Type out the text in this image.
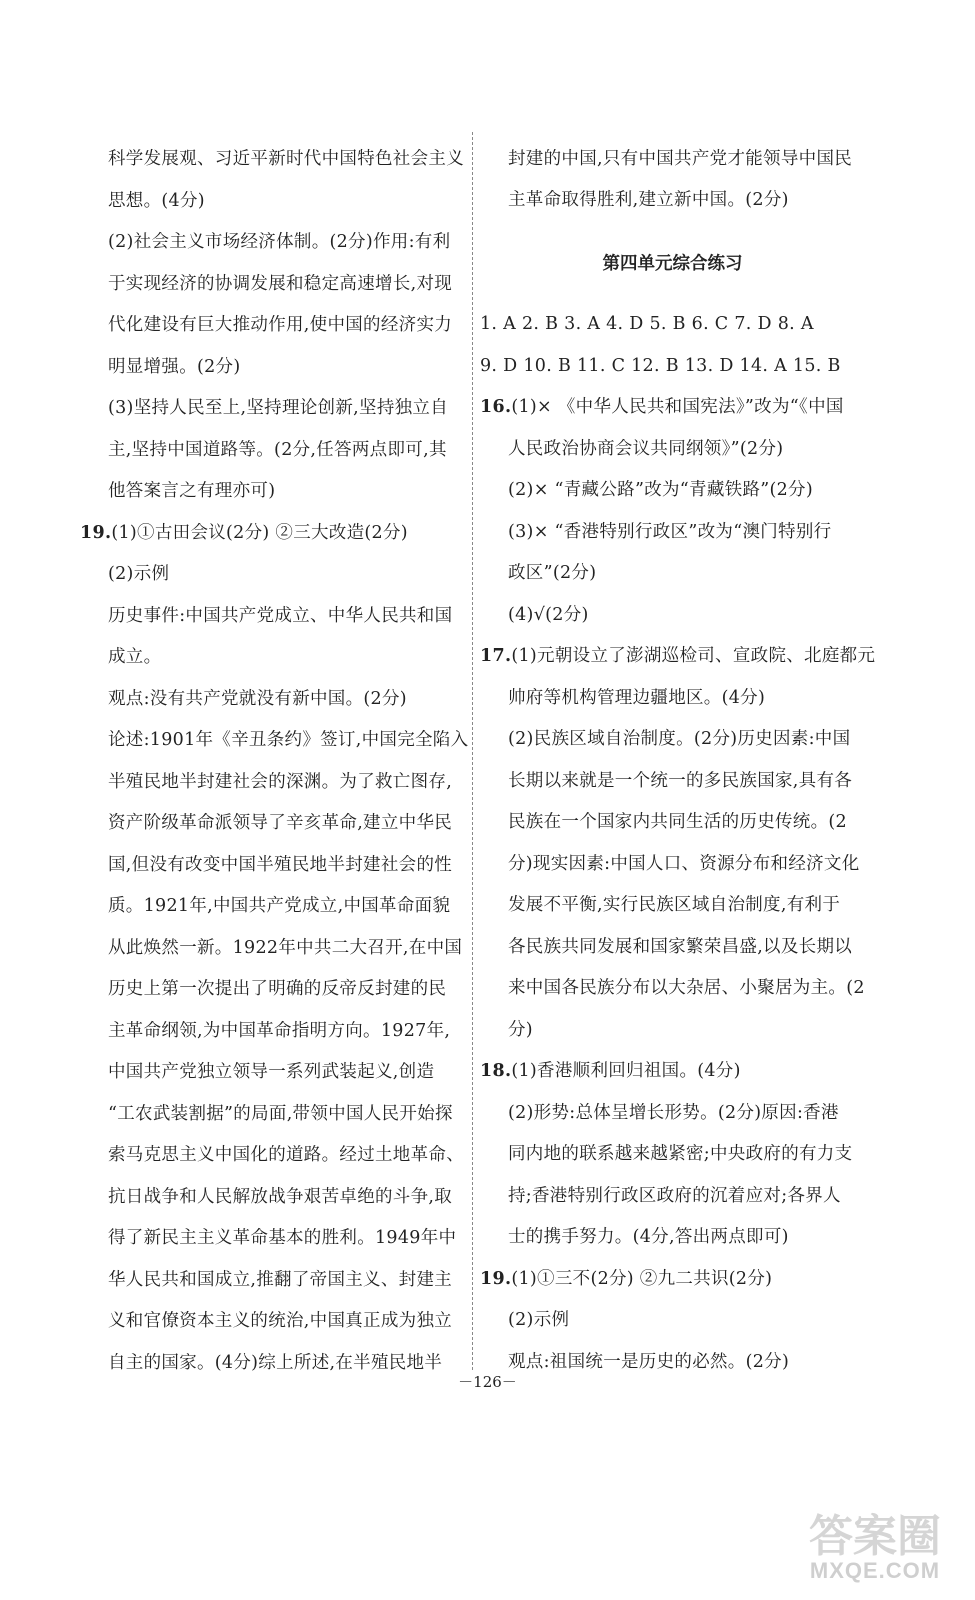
科学发展观、习近平新时代中国特色社会主义
思想。(4分)
(2)社会主义市场经济体制。(2分)作用:有利
于实现经济的协调发展和稳定高速增长,对现
代化建设有巨大推动作用,使中国的经济实力
明显增强。(2分)
(3)坚持人民至上,坚持理论创新,坚持独立自
主,坚持中国道路等。(2分,任答两点即可,其
他答案言之有理亦可)
19.(1)①古田会议(2分) ②三大改造(2分)
(2)示例
历史事件:中国共产党成立、中华人民共和国
成立。
观点:没有共产党就没有新中国。(2分)
论述:1901年《辛丑条约》签订,中国完全陷入
半殖民地半封建社会的深渊。为了救亡图存,
资产阶级革命派领导了辛亥革命,建立中华民
国,但没有改变中国半殖民地半封建社会的性
质。1921年,中国共产党成立,中国革命面貌
从此焕然一新。1922年中共二大召开,在中国
历史上第一次提出了明确的反帝反封建的民
主革命纲领,为中国革命指明方向。1927年,
中国共产党独立领导一系列武装起义,创造
“工农武装割据”的局面,带领中国人民开始探
索马克思主义中国化的道路。经过土地革命、
抗日战争和人民解放战争艰苦卓绝的斗争,取
得了新民主主义革命基本的胜利。1949年中
华人民共和国成立,推翻了帝国主义、封建主
义和官僚资本主义的统治,中国真正成为独立
自主的国家。(4分)综上所述,在半殖民地半
封建的中国,只有中国共产党才能领导中国民
主革命取得胜利,建立新中国。(2分)
第四单元综合练习
1. A 2. B 3. A 4. D 5. B 6. C 7. D 8. A
9. D 10. B 11. C 12. B 13. D 14. A 15. B
16.(1)× 《中华人民共和国宪法》”改为“《中国
人民政治协商会议共同纲领》”(2分)
(2)× “青藏公路”改为“青藏铁路”(2分)
(3)× “香港特别行政区”改为“澳门特别行
政区”(2分)
(4)√(2分)
17.(1)元朝设立了澎湖巡检司、宣政院、北庭都元
帅府等机构管理边疆地区。(4分)
(2)民族区域自治制度。(2分)历史因素:中国
长期以来就是一个统一的多民族国家,具有各
民族在一个国家内共同生活的历史传统。(2
分)现实因素:中国人口、资源分布和经济文化
发展不平衡,实行民族区域自治制度,有利于
各民族共同发展和国家繁荣昌盛,以及长期以
来中国各民族分布以大杂居、小聚居为主。(2
分)
18.(1)香港顺利回归祖国。(4分)
(2)形势:总体呈增长形势。(2分)原因:香港
同内地的联系越来越紧密;中央政府的有力支
持;香港特别行政区政府的沉着应对;各界人
士的携手努力。(4分,答出两点即可)
19.(1)①三不(2分) ②九二共识(2分)
(2)示例
观点:祖国统一是历史的必然。(2分)
－126－
答案圈
MXQE.COM
